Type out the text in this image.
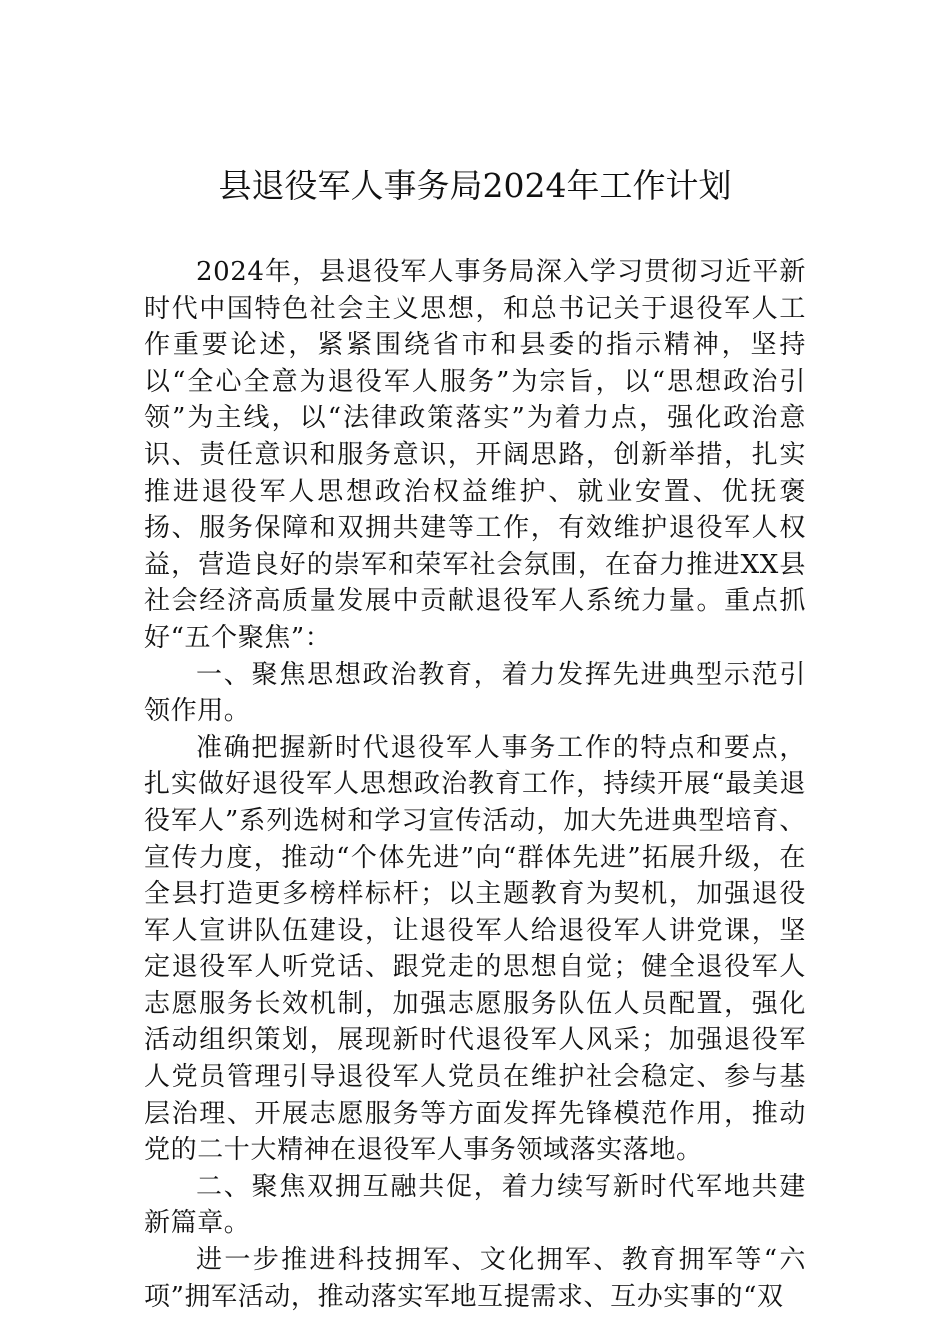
县退役军人事务局2024年工作计划

2024年，县退役军人事务局深入学习贯彻习近平新时代中国特色社会主义思想，和总书记关于退役军人工作重要论述，紧紧围绕省市和县委的指示精神，坚持以“全心全意为退役军人服务”为宗旨，以“思想政治引领”为主线，以“法律政策落实”为着力点，强化政治意识、责任意识和服务意识，开阔思路，创新举措，扎实推进退役军人思想政治权益维护、就业安置、优抚褒扬、服务保障和双拥共建等工作，有效维护退役军人权益，营造良好的崇军和荣军社会氛围，在奋力推进XX县社会经济高质量发展中贡献退役军人系统力量。重点抓好“五个聚焦”：

一、聚焦思想政治教育，着力发挥先进典型示范引领作用。

准确把握新时代退役军人事务工作的特点和要点，扎实做好退役军人思想政治教育工作，持续开展“最美退役军人”系列选树和学习宣传活动，加大先进典型培育、宣传力度，推动“个体先进”向“群体先进”拓展升级，在全县打造更多榜样标杆；以主题教育为契机，加强退役军人宣讲队伍建设，让退役军人给退役军人讲党课，坚定退役军人听党话、跟党走的思想自觉；健全退役军人志愿服务长效机制，加强志愿服务队伍人员配置，强化活动组织策划，展现新时代退役军人风采；加强退役军人党员管理引导退役军人党员在维护社会稳定、参与基层治理、开展志愿服务等方面发挥先锋模范作用，推动党的二十大精神在退役军人事务领域落实落地。

二、聚焦双拥互融共促，着力续写新时代军地共建新篇章。

进一步推进科技拥军、文化拥军、教育拥军等“六项”拥军活动，推动落实军地互提需求、互办实事的“双
